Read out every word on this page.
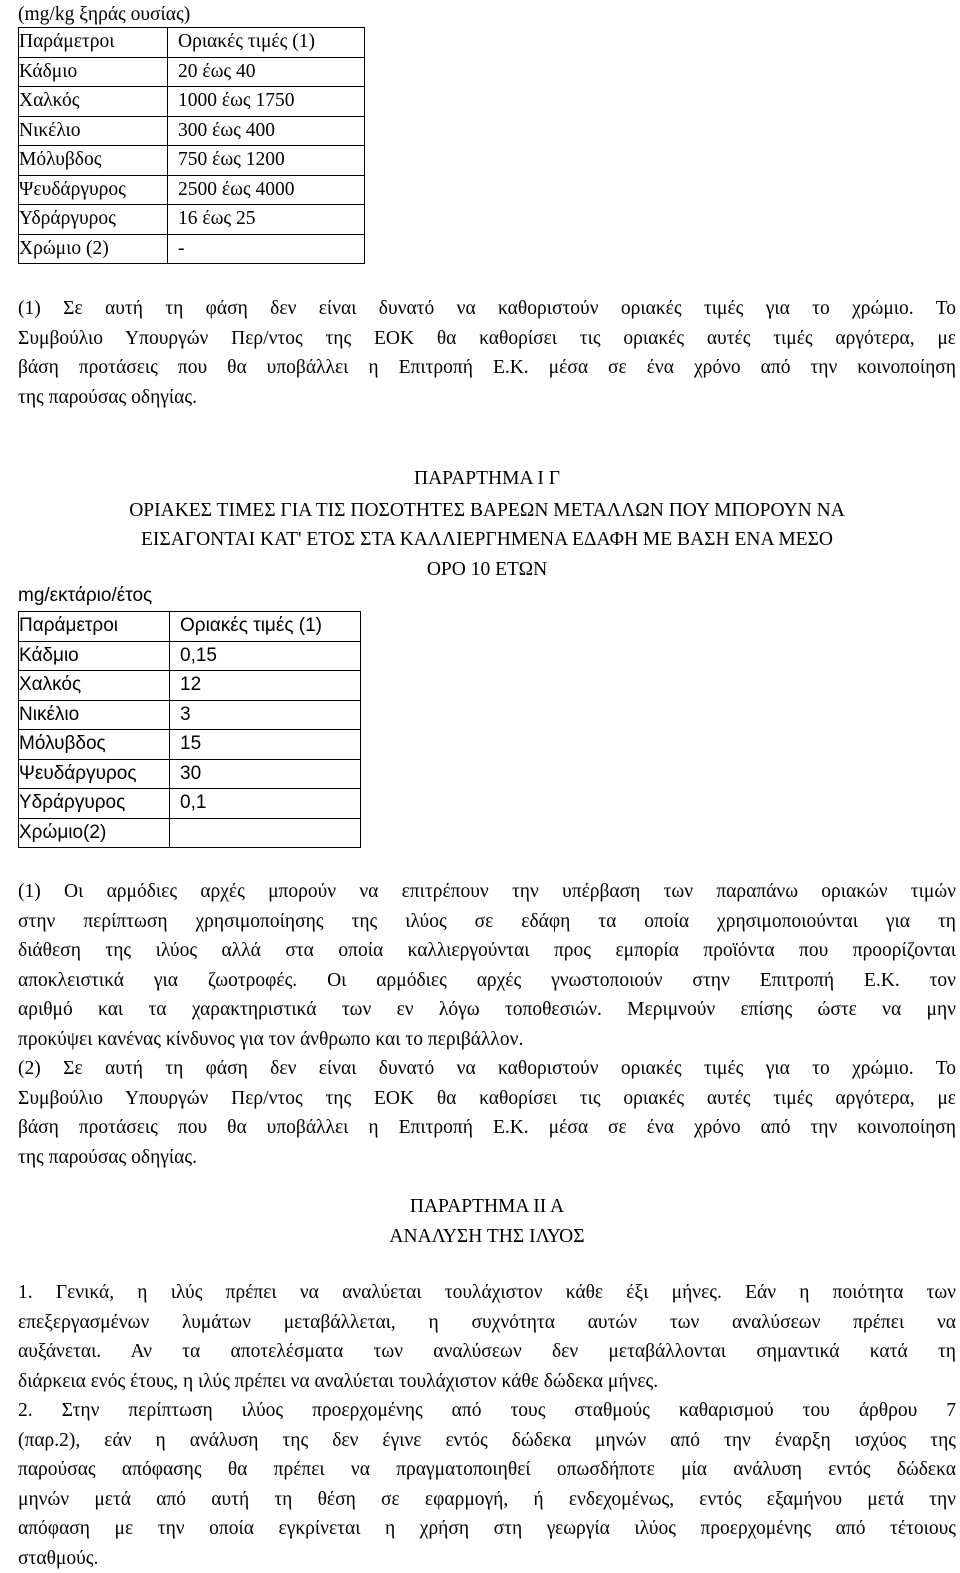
(mg/kg ξηράς ουσίας)
Παράμετροι	Οριακές τιμές (1)
Κάδμιο	20 έως 40
Χαλκός	1000 έως 1750
Νικέλιο	300 έως 400
Μόλυβδος	750 έως 1200
Ψευδάργυρος	2500 έως 4000
Υδράργυρος	16 έως 25
Χρώμιο (2)	-

(1) Σε αυτή τη φάση δεν είναι δυνατό να καθοριστούν οριακές τιμές για το χρώμιο. Το

Συμβούλιο Υπουργών Περ/ντος της ΕΟΚ θα καθορίσει τις οριακές αυτές τιμές αργότερα, με

βάση προτάσεις που θα υποβάλλει η Επιτροπή Ε.Κ. μέσα σε ένα χρόνο από την κοινοποίηση

της παρούσας οδηγίας.

ΠΑΡΑΡΤΗΜΑ Ι Γ
ΟΡΙΑΚΕΣ ΤΙΜΕΣ ΓΙΑ ΤΙΣ ΠΟΣΟΤΗΤΕΣ ΒΑΡΕΩΝ ΜΕΤΑΛΛΩΝ ΠΟΥ ΜΠΟΡΟΥΝ ΝΑ
ΕΙΣΑΓΟΝΤΑΙ ΚΑΤ' ΕΤΟΣ ΣΤΑ ΚΑΛΛΙΕΡΓΗΜΕΝΑ ΕΔΑΦΗ ΜΕ ΒΑΣΗ ΕΝΑ ΜΕΣΟ
ΟΡΟ 10 ΕΤΩΝ
mg/εκτάριο/έτος
Παράμετροι	Οριακές τιμές (1)
Κάδμιο	0,15
Χαλκός	12
Νικέλιο	3
Μόλυβδος	15
Ψευδάργυρος	30
Υδράργυρος	0,1
Χρώμιο(2)	

(1) Οι αρμόδιες αρχές μπορούν να επιτρέπουν την υπέρβαση των παραπάνω οριακών τιμών

στην περίπτωση χρησιμοποίησης της ιλύος σε εδάφη τα οποία χρησιμοποιούνται για τη

διάθεση της ιλύος αλλά στα οποία καλλιεργούνται προς εμπορία προϊόντα που προορίζονται

αποκλειστικά για ζωοτροφές. Οι αρμόδιες αρχές γνωστοποιούν στην Επιτροπή Ε.Κ. τον

αριθμό και τα χαρακτηριστικά των εν λόγω τοποθεσιών. Μεριμνούν επίσης ώστε να μην

προκύψει κανένας κίνδυνος για τον άνθρωπο και το περιβάλλον.

(2) Σε αυτή τη φάση δεν είναι δυνατό να καθοριστούν οριακές τιμές για το χρώμιο. Το

Συμβούλιο Υπουργών Περ/ντος της ΕΟΚ θα καθορίσει τις οριακές αυτές τιμές αργότερα, με

βάση προτάσεις που θα υποβάλλει η Επιτροπή Ε.Κ. μέσα σε ένα χρόνο από την κοινοποίηση

της παρούσας οδηγίας.

ΠΑΡΑΡΤΗΜΑ ΙΙ Α
ΑΝΑΛΥΣΗ ΤΗΣ ΙΛΥΟΣ

1. Γενικά, η ιλύς πρέπει να αναλύεται τουλάχιστον κάθε έξι μήνες. Εάν η ποιότητα των

επεξεργασμένων λυμάτων μεταβάλλεται, η συχνότητα αυτών των αναλύσεων πρέπει να

αυξάνεται. Αν τα αποτελέσματα των αναλύσεων δεν μεταβάλλονται σημαντικά κατά τη

διάρκεια ενός έτους, η ιλύς πρέπει να αναλύεται τουλάχιστον κάθε δώδεκα μήνες.

2. Στην περίπτωση ιλύος προερχομένης από τους σταθμούς καθαρισμού του άρθρου 7

(παρ.2), εάν η ανάλυση της δεν έγινε εντός δώδεκα μηνών από την έναρξη ισχύος της

παρούσας απόφασης θα πρέπει να πραγματοποιηθεί οπωσδήποτε μία ανάλυση εντός δώδεκα

μηνών μετά από αυτή τη θέση σε εφαρμογή, ή ενδεχομένως, εντός εξαμήνου μετά την

απόφαση με την οποία εγκρίνεται η χρήση στη γεωργία ιλύος προερχομένης από τέτοιους

σταθμούς.
